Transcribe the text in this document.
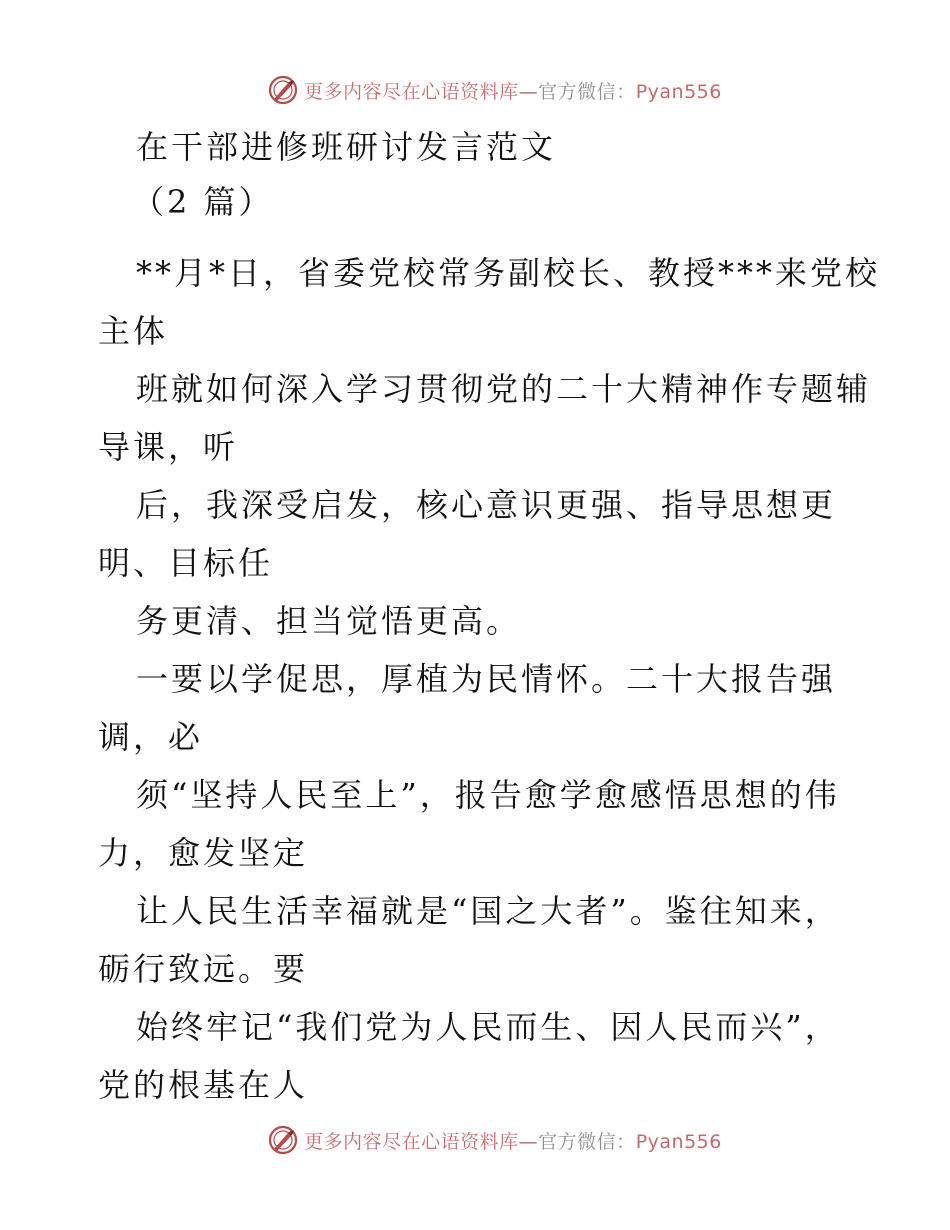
更多内容尽在心语资料库—官方微信：Pyan556
在干部进修班研讨发言范文
（2 篇）
**月*日，省委党校常务副校长、教授***来党校
主体
班就如何深入学习贯彻党的二十大精神作专题辅
导课，听
后，我深受启发，核心意识更强、指导思想更
明、目标任
务更清、担当觉悟更高。
一要以学促思，厚植为民情怀。二十大报告强
调，必
须“坚持人民至上”，报告愈学愈感悟思想的伟
力，愈发坚定
让人民生活幸福就是“国之大者”。鉴往知来，
砺行致远。要
始终牢记“我们党为人民而生、因人民而兴”，
党的根基在人
更多内容尽在心语资料库—官方微信：Pyan556
